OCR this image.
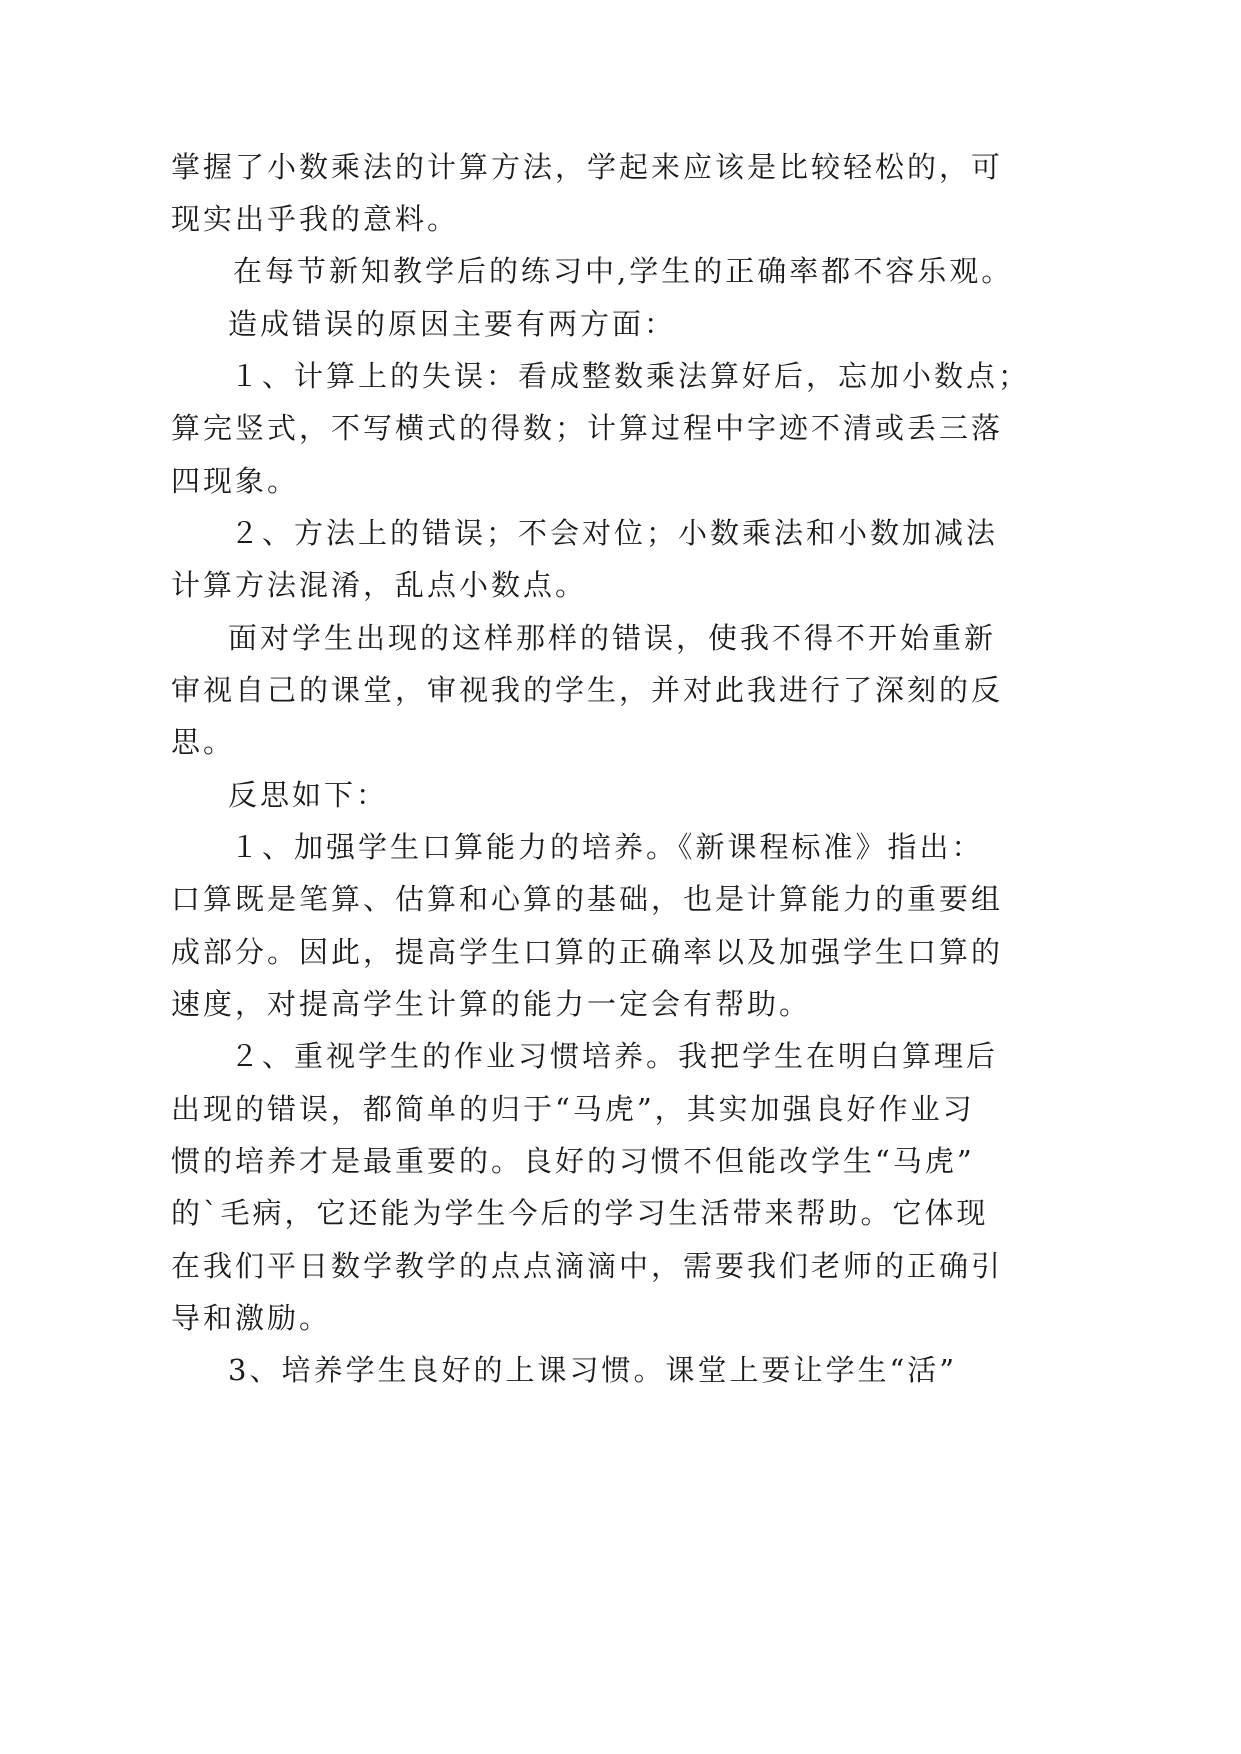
掌握了小数乘法的计算方法，学起来应该是比较轻松的，可
现实出乎我的意料。
在每节新知教学后的练习中,学生的正确率都不容乐观。
造成错误的原因主要有两方面：
１、计算上的失误：看成整数乘法算好后，忘加小数点；
算完竖式，不写横式的得数；计算过程中字迹不清或丢三落
四现象。
２、方法上的错误；不会对位；小数乘法和小数加减法
计算方法混淆，乱点小数点。
面对学生出现的这样那样的错误，使我不得不开始重新
审视自己的课堂，审视我的学生，并对此我进行了深刻的反
思。
反思如下：
１、加强学生口算能力的培养。《新课程标准》指出：
口算既是笔算、估算和心算的基础，也是计算能力的重要组
成部分。因此，提高学生口算的正确率以及加强学生口算的
速度，对提高学生计算的能力一定会有帮助。
２、重视学生的作业习惯培养。我把学生在明白算理后
出现的错误，都简单的归于“马虎”，其实加强良好作业习
惯的培养才是最重要的。良好的习惯不但能改学生“马虎”
的`毛病，它还能为学生今后的学习生活带来帮助。它体现
在我们平日数学教学的点点滴滴中，需要我们老师的正确引
导和激励。
3、培养学生良好的上课习惯。课堂上要让学生“活”
